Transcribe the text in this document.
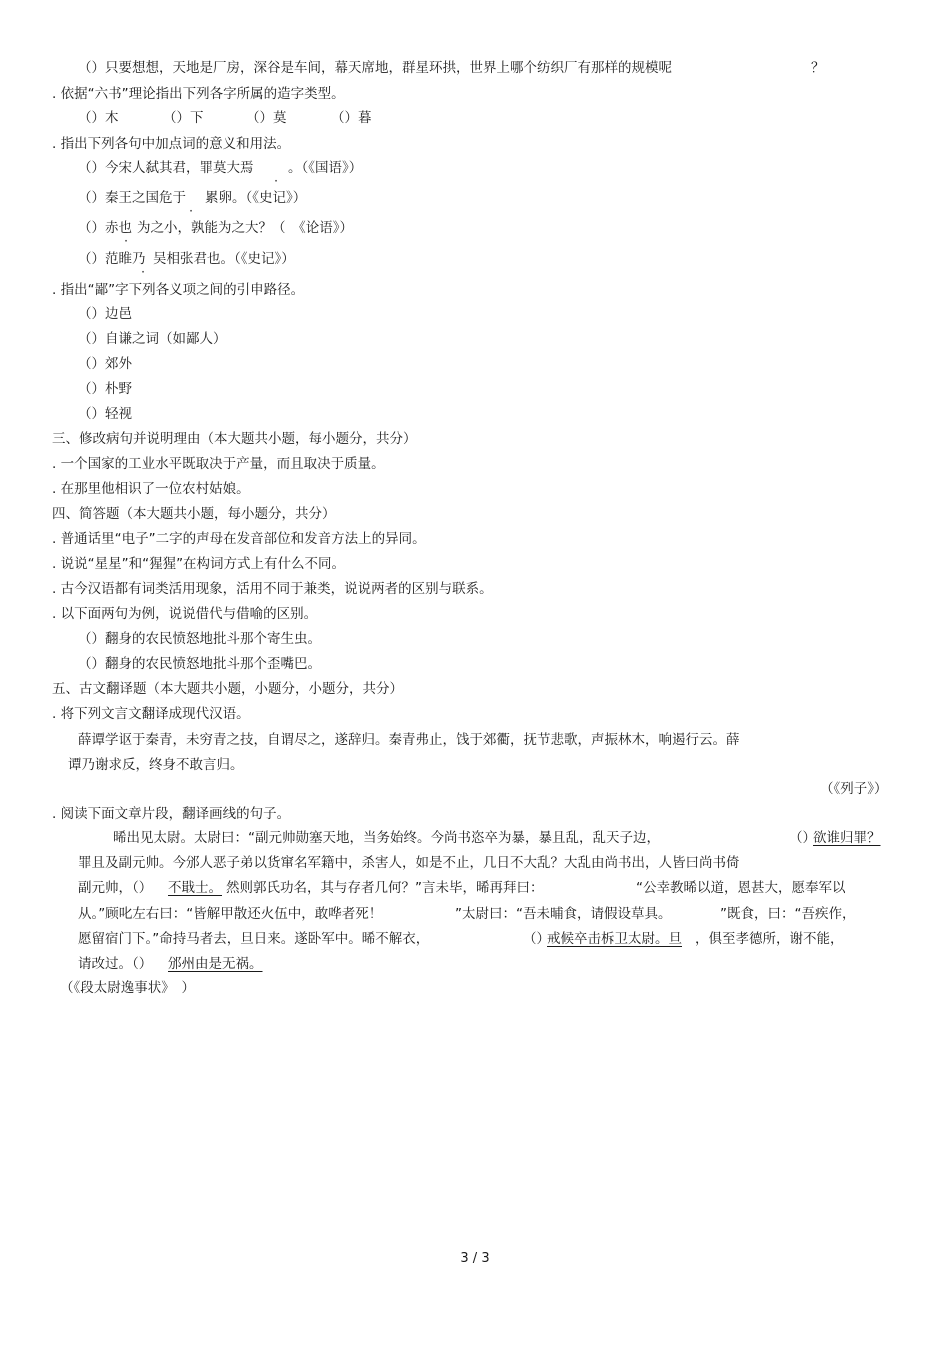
（）只要想想，天地是厂房，深谷是车间，幕天席地，群星环拱，世界上哪个纺织厂有那样的规模呢	？
. 依据“六书”理论指出下列各字所属的造字类型。
（）木	（）下	（）莫	（）暮
. 指出下列各句中加点词的意义和用法。
（）今宋人弑其君，罪莫大焉	。（《国语》）
（）秦王之国危于 累卵。（《史记》）
（）赤也 为之小，孰能为之大？（　《论语》）
（）范睢乃 吴相张君也。（《史记》）
. 指出“鄙”字下列各义项之间的引申路径。
（）边邑
（）自谦之词（如鄙人）
（）郊外
（）朴野
（）轻视
三、修改病句并说明理由（本大题共小题，每小题分，共分）
. 一个国家的工业水平既取决于产量，而且取决于质量。
. 在那里他相识了一位农村姑娘。
四、简答题（本大题共小题，每小题分，共分）
. 普通话里“电子”二字的声母在发音部位和发音方法上的异同。
. 说说“星星”和“猩猩”在构词方式上有什么不同。
. 古今汉语都有词类活用现象，活用不同于兼类，说说两者的区别与联系。
. 以下面两句为例，说说借代与借喻的区别。
（）翻身的农民愤怒地批斗那个寄生虫。
（）翻身的农民愤怒地批斗那个歪嘴巴。
五、古文翻译题（本大题共小题，小题分，小题分，共分）
. 将下列文言文翻译成现代汉语。
薛谭学讴于秦青，未穷青之技，自谓尽之，遂辞归。秦青弗止，饯于郊衢，抚节悲歌，声振林木，响遏行云。薛
谭乃谢求反，终身不敢言归。
（《列子》）
. 阅读下面文章片段，翻译画线的句子。
晞出见太尉。太尉曰：“副元帅勋塞天地，当务始终。今尚书恣卒为暴，暴且乱，乱天子边，	（）
欲谁归罪？
罪且及副元帅。今邠人恶子弟以货窜名军籍中，杀害人，如是不止，几日不大乱？大乱由尚书出，人皆曰尚书倚
副元帅，（） 不戢士。 然则郭氏功名，其与存者几何？”言未毕，晞再拜曰：	“公幸教晞以道，恩甚大，愿奉军以
从。”顾叱左右曰：“皆解甲散还火伍中，敢哗者死！	”太尉曰：“吾未晡食，请假设草具。	”既食，曰：“吾疾作，
愿留宿门下。”命持马者去，旦日来。遂卧军中。晞不解衣，	（）
戒候卒击柝卫太尉。旦 ，俱至孝德所，谢不能，
请改过。（） 邠州由是无祸。
（《段太尉逸事状》　）
3 / 3
